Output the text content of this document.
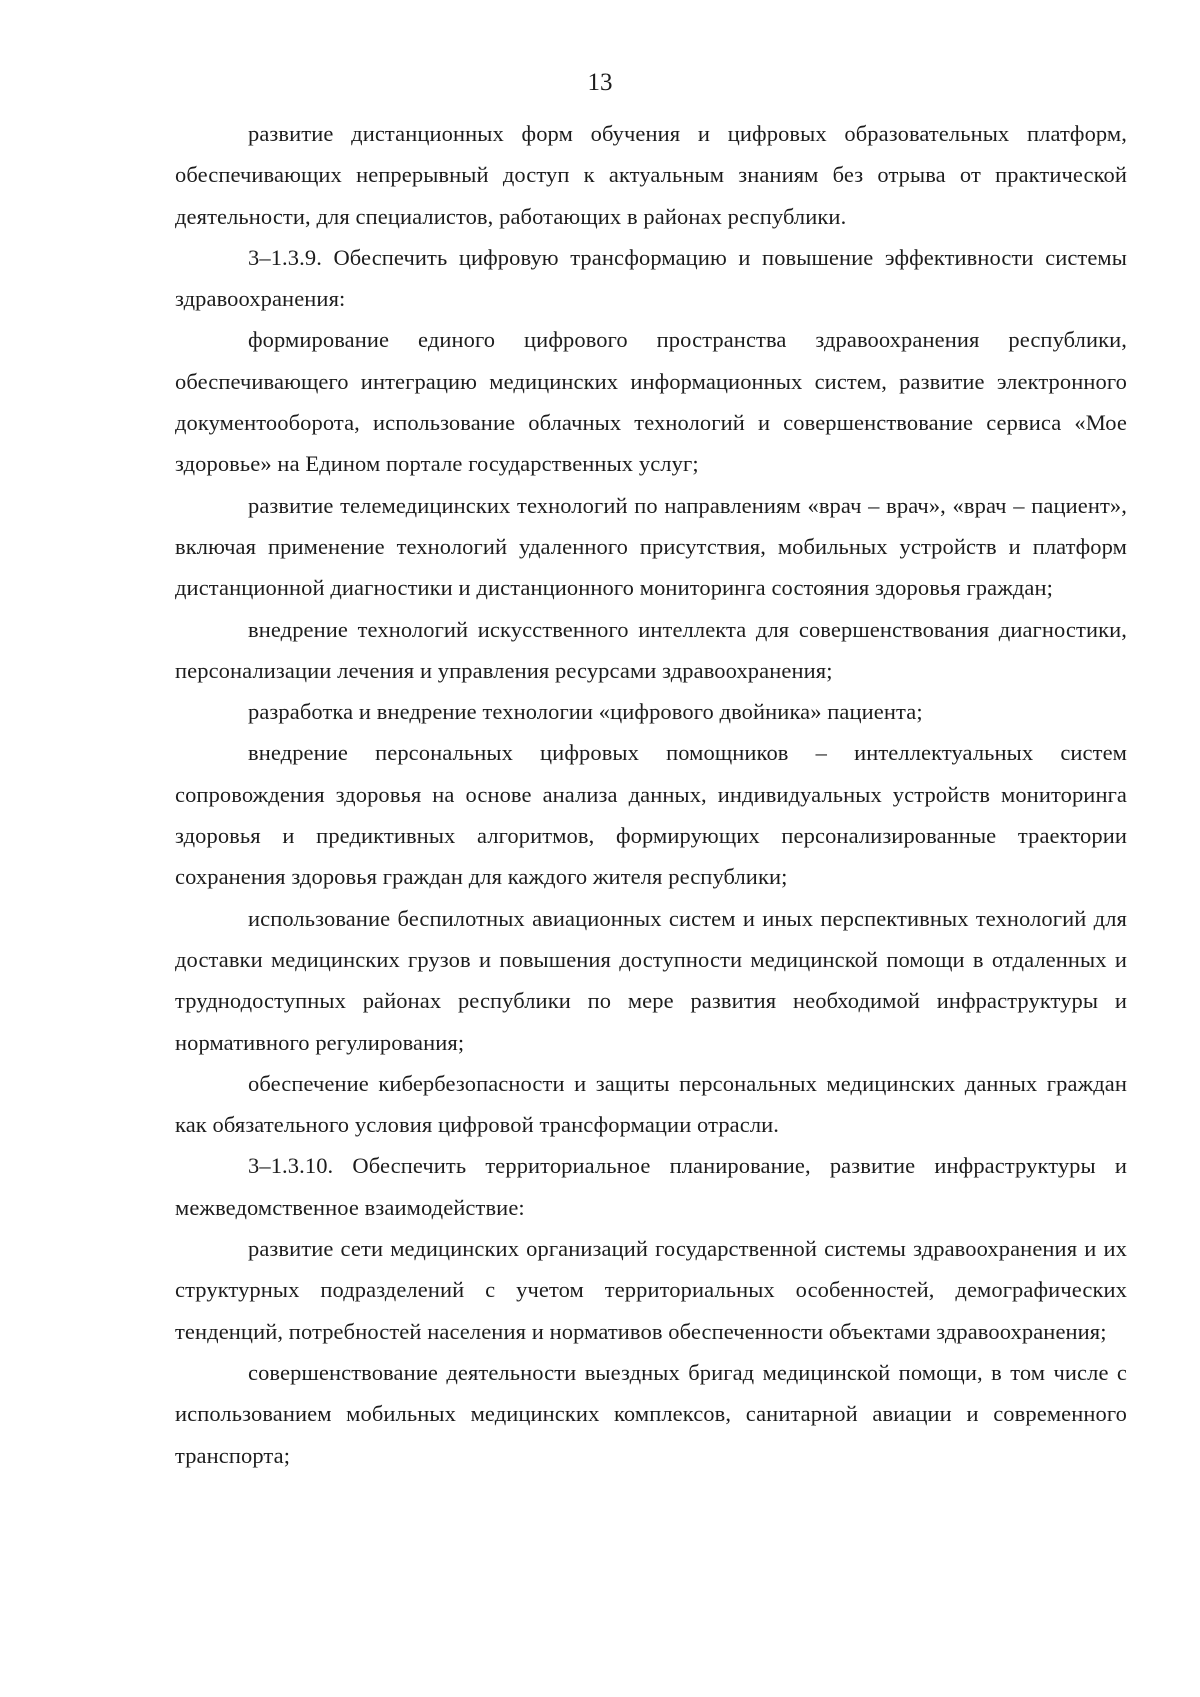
13

развитие дистанционных форм обучения и цифровых образовательных платформ, обеспечивающих непрерывный доступ к актуальным знаниям без отрыва от практической деятельности, для специалистов, работающих в районах республики.

3–1.3.9. Обеспечить цифровую трансформацию и повышение эффективности системы здравоохранения:

формирование единого цифрового пространства здравоохранения республики, обеспечивающего интеграцию медицинских информационных систем, развитие электронного документооборота, использование облачных технологий и совершенствование сервиса «Мое здоровье» на Едином портале государственных услуг;

развитие телемедицинских технологий по направлениям «врач – врач», «врач – пациент», включая применение технологий удаленного присутствия, мобильных устройств и платформ дистанционной диагностики и дистанционного мониторинга состояния здоровья граждан;

внедрение технологий искусственного интеллекта для совершенствования диагностики, персонализации лечения и управления ресурсами здравоохранения;

разработка и внедрение технологии «цифрового двойника» пациента;

внедрение персональных цифровых помощников – интеллектуальных систем сопровождения здоровья на основе анализа данных, индивидуальных устройств мониторинга здоровья и предиктивных алгоритмов, формирующих персонализированные траектории сохранения здоровья граждан для каждого жителя республики;

использование беспилотных авиационных систем и иных перспективных технологий для доставки медицинских грузов и повышения доступности медицинской помощи в отдаленных и труднодоступных районах республики по мере развития необходимой инфраструктуры и нормативного регулирования;

обеспечение кибербезопасности и защиты персональных медицинских данных граждан как обязательного условия цифровой трансформации отрасли.

3–1.3.10. Обеспечить территориальное планирование, развитие инфраструктуры и межведомственное взаимодействие:

развитие сети медицинских организаций государственной системы здравоохранения и их структурных подразделений с учетом территориальных особенностей, демографических тенденций, потребностей населения и нормативов обеспеченности объектами здравоохранения;

совершенствование деятельности выездных бригад медицинской помощи, в том числе с использованием мобильных медицинских комплексов, санитарной авиации и современного транспорта;
